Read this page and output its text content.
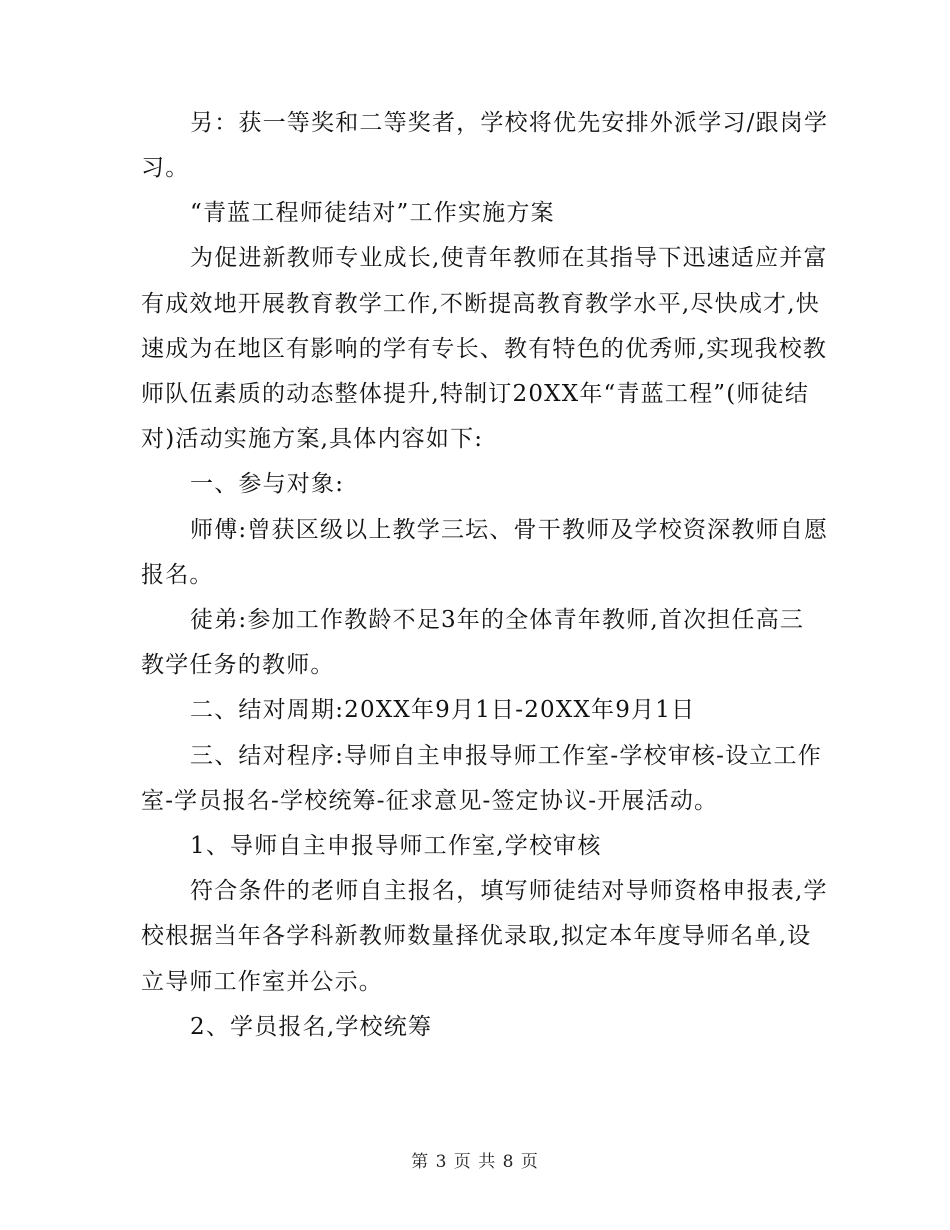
另：获一等奖和二等奖者，学校将优先安排外派学习/跟岗学
习。
“青蓝工程师徒结对”工作实施方案
为促进新教师专业成长,使青年教师在其指导下迅速适应并富
有成效地开展教育教学工作,不断提高教育教学水平,尽快成才,快
速成为在地区有影响的学有专长、教有特色的优秀师,实现我校教
师队伍素质的动态整体提升,特制订20XX年“青蓝工程”(师徒结
对)活动实施方案,具体内容如下:
一、参与对象:
师傅:曾获区级以上教学三坛、骨干教师及学校资深教师自愿
报名。
徒弟:参加工作教龄不足3年的全体青年教师,首次担任高三
教学任务的教师。
二、结对周期:20XX年9月1日-20XX年9月1日
三、结对程序:导师自主申报导师工作室-学校审核-设立工作
室-学员报名-学校统筹-征求意见-签定协议-开展活动。
1、导师自主申报导师工作室,学校审核
符合条件的老师自主报名，填写师徒结对导师资格申报表,学
校根据当年各学科新教师数量择优录取,拟定本年度导师名单,设
立导师工作室并公示。
2、学员报名,学校统筹
第 3 页 共 8 页
